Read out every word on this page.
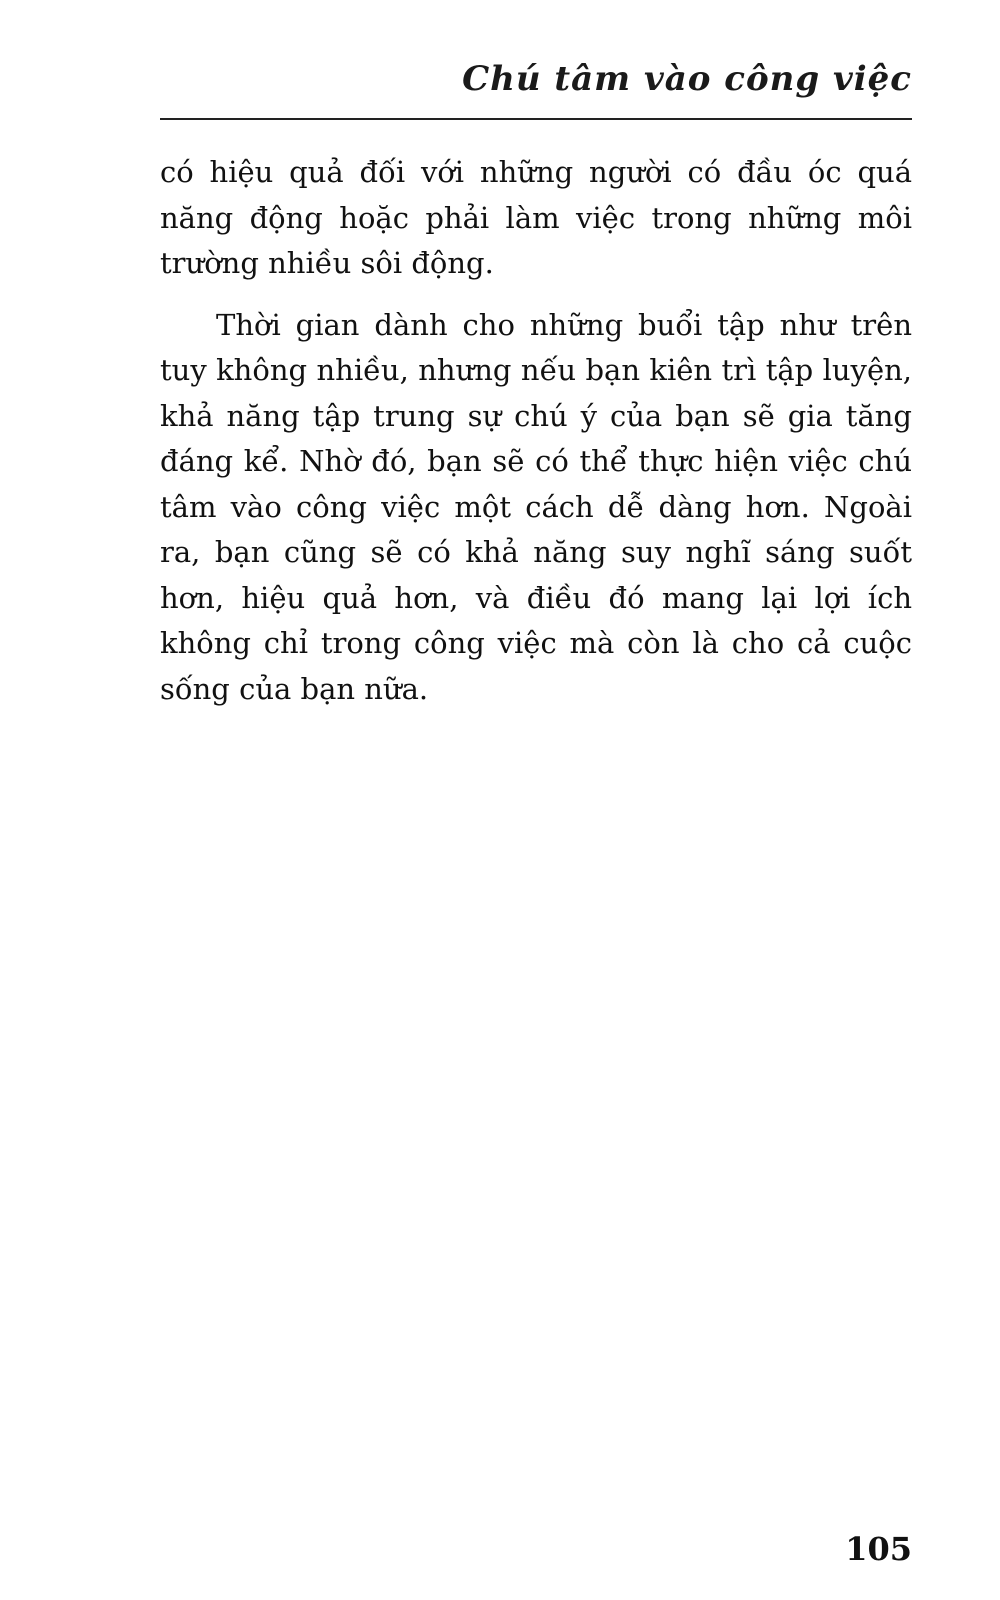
Chú tâm vào công việc

có hiệu quả đối với những người có đầu óc quá năng động hoặc phải làm việc trong những môi trường nhiều sôi động.

Thời gian dành cho những buổi tập như trên tuy không nhiều, nhưng nếu bạn kiên trì tập luyện, khả năng tập trung sự chú ý của bạn sẽ gia tăng đáng kể. Nhờ đó, bạn sẽ có thể thực hiện việc chú tâm vào công việc một cách dễ dàng hơn. Ngoài ra, bạn cũng sẽ có khả năng suy nghĩ sáng suốt hơn, hiệu quả hơn, và điều đó mang lại lợi ích không chỉ trong công việc mà còn là cho cả cuộc sống của bạn nữa.

105
